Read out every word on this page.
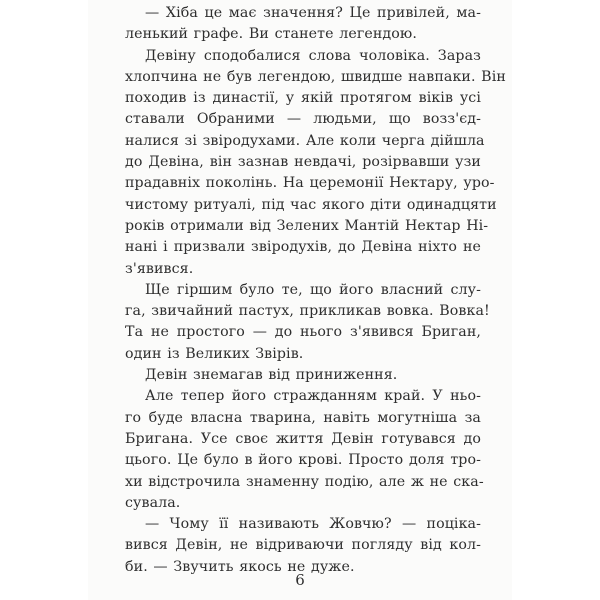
— Хіба це має значення? Це привілей, ма-
ленький графе. Ви станете легендою.
Девіну сподобалися слова чоловіка. Зараз
хлопчина не був легендою, швидше навпаки. Він
походив із династії, у якій протягом віків усі
ставали Обраними — людьми, що возз'єд-
налися зі звіродухами. Але коли черга дійшла
до Девіна, він зазнав невдачі, розірвавши узи
прадавніх поколінь. На церемонії Нектару, уро-
чистому ритуалі, під час якого діти одинадцяти
років отримали від Зелених Мантій Нектар Ні-
нані і призвали звіродухів, до Девіна ніхто не
з'явився.
Ще гіршим було те, що його власний слу-
га, звичайний пастух, прикликав вовка. Вовка!
Та не простого — до нього з'явився Бриган,
один із Великих Звірів.
Девін знемагав від приниження.
Але тепер його стражданням край. У ньо-
го буде власна тварина, навіть могутніша за
Бригана. Усе своє життя Девін готувався до
цього. Це було в його крові. Просто доля тро-
хи відстрочила знаменну подію, але ж не ска-
сувала.
— Чому її називають Жовчю? — поціка-
вився Девін, не відриваючи погляду від кол-
би. — Звучить якось не дуже.
6
